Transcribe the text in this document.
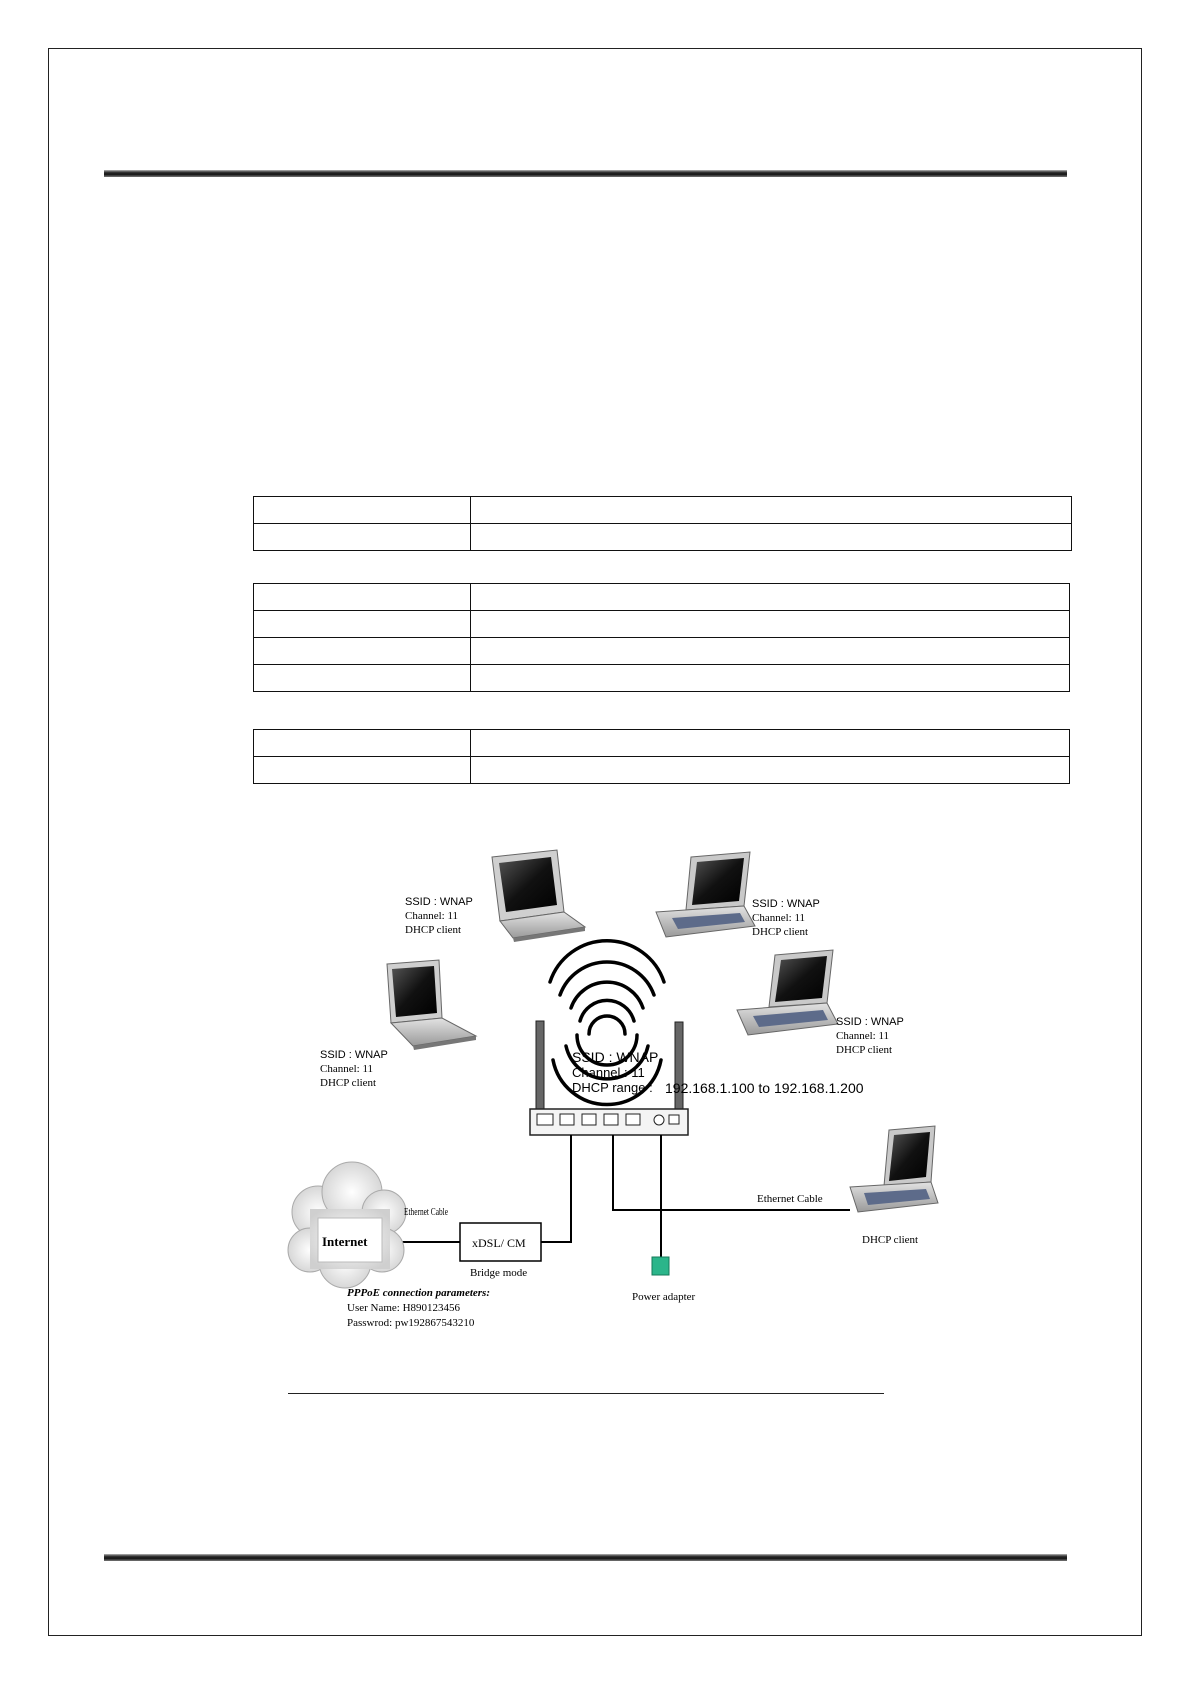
SSID : WNAP
Channel: 11
DHCP client
SSID : WNAP
Channel: 11
DHCP client
SSID : WNAP
Channel: 11
DHCP client
SSID : WNAP
Channel: 11
DHCP client
SSID : WNAP
Channel : 11
DHCP range : 192.168.1.100 to 192.168.1.200
Internet
Ethernet Cable
xDSL/ CM
Bridge mode
Power adapter
Ethernet Cable
DHCP client
PPPoE connection parameters:
User Name: H890123456
Passwrod: pw192867543210
